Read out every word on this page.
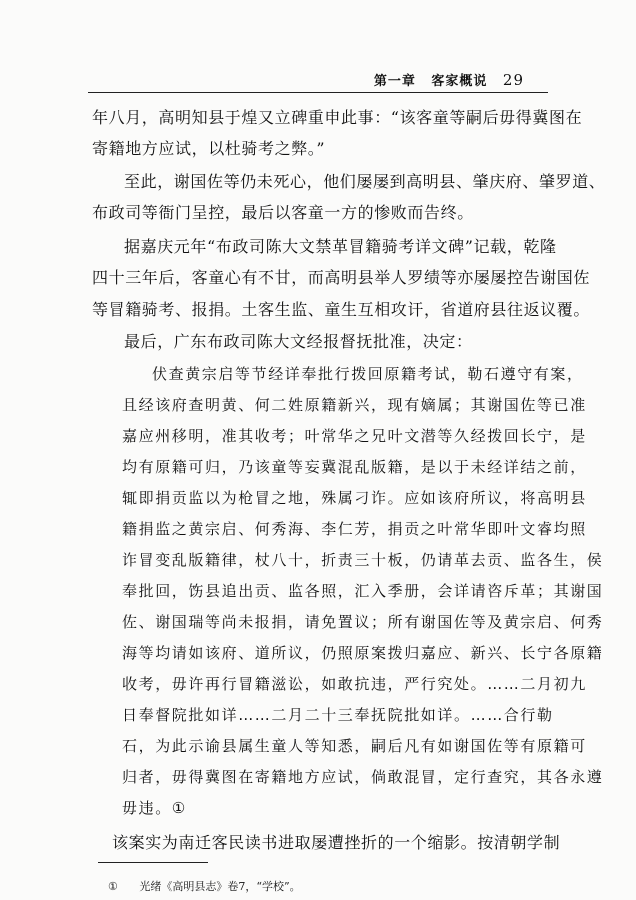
第一章 客家概说 29
年八月，高明知县于煌又立碑重申此事：“该客童等嗣后毋得冀图在
寄籍地方应试，以杜骑考之弊。”
至此，谢国佐等仍未死心，他们屡屡到高明县、肇庆府、肇罗道、
布政司等衙门呈控，最后以客童一方的惨败而告终。
据嘉庆元年“布政司陈大文禁革冒籍骑考详文碑”记载，乾隆
四十三年后，客童心有不甘，而高明县举人罗绩等亦屡屡控告谢国佐
等冒籍骑考、报捐。土客生监、童生互相攻讦，省道府县往返议覆。
最后，广东布政司陈大文经报督抚批准，决定：
伏查黄宗启等节经详奉批行拨回原籍考试，勒石遵守有案，
且经该府查明黄、何二姓原籍新兴，现有嫡属；其谢国佐等已准
嘉应州移明，准其收考；叶常华之兄叶文潜等久经拨回长宁，是
均有原籍可归，乃该童等妄冀混乱版籍，是以于未经详结之前，
辄即捐贡监以为枪冒之地，殊属刁诈。应如该府所议，将高明县
籍捐监之黄宗启、何秀海、李仁芳，捐贡之叶常华即叶文睿均照
诈冒变乱版籍律，杖八十，折责三十板，仍请革去贡、监各生，侯
奉批回，饬县追出贡、监各照，汇入季册，会详请咨斥革；其谢国
佐、谢国瑞等尚未报捐，请免置议；所有谢国佐等及黄宗启、何秀
海等均请如该府、道所议，仍照原案拨归嘉应、新兴、长宁各原籍
收考，毋许再行冒籍滋讼，如敢抗违，严行究处。……二月初九
日奉督院批如详……二月二十三奉抚院批如详。……合行勒
石，为此示谕县属生童人等知悉，嗣后凡有如谢国佐等有原籍可
归者，毋得冀图在寄籍地方应试，倘敢混冒，定行查究，其各永遵
毋违。①
该案实为南迁客民读书进取屡遭挫折的一个缩影。按清朝学制
① 光绪《高明县志》卷7，“学校”。
